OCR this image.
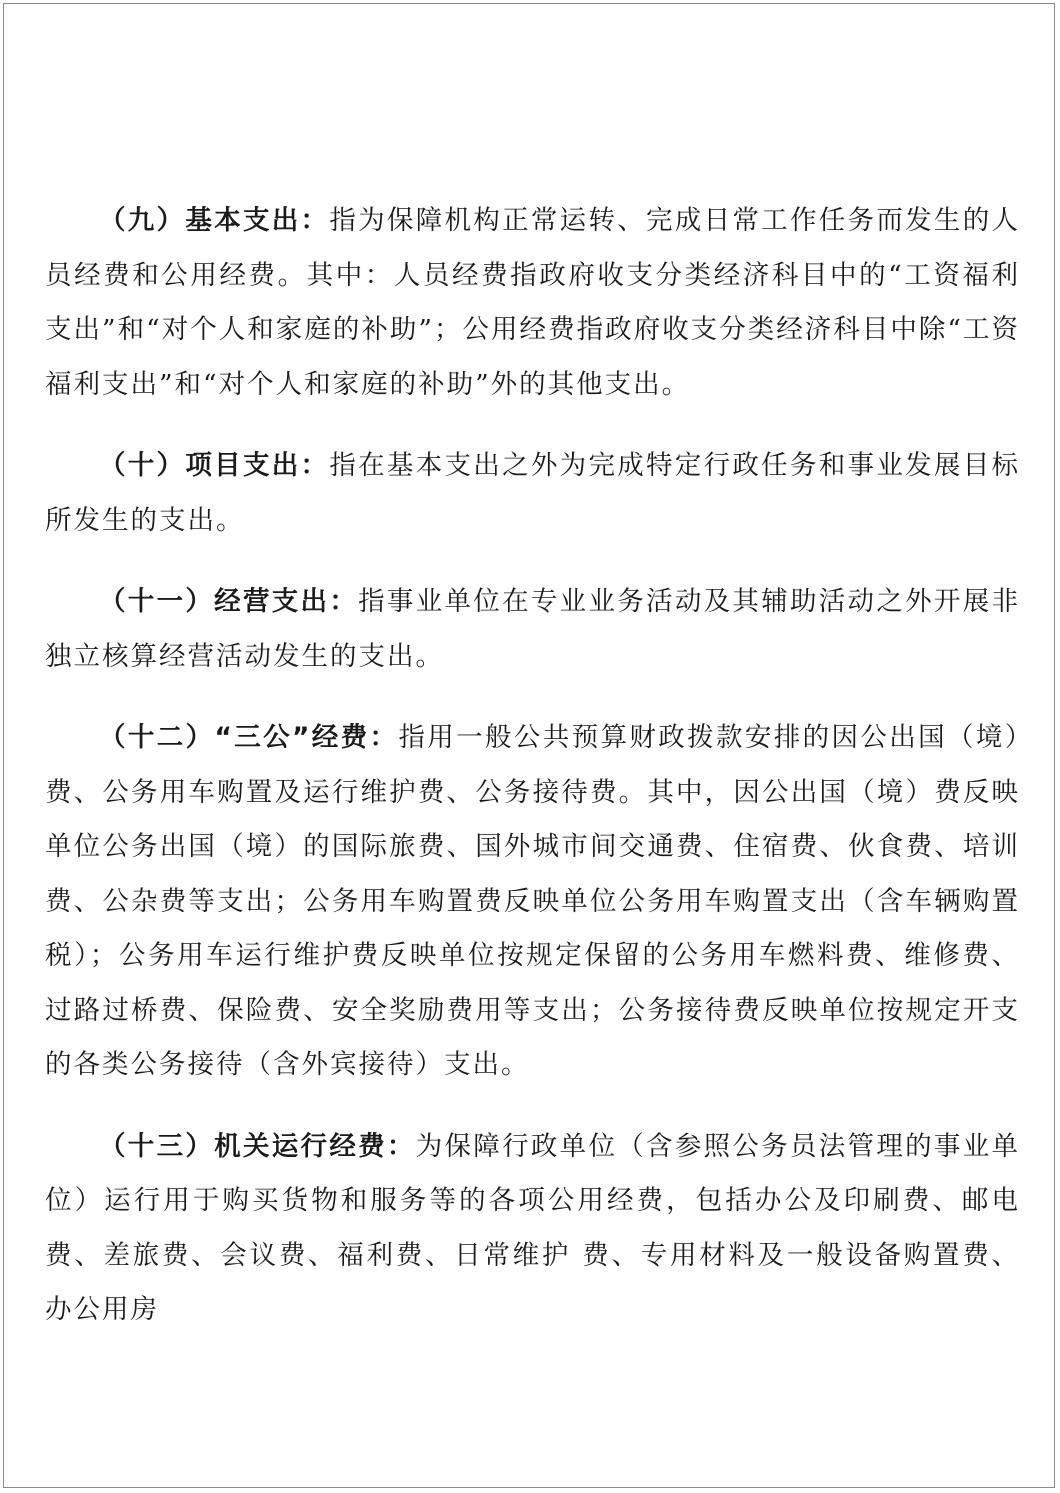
（九）基本支出：指为保障机构正常运转、完成日常工作任务而发生的人员经费和公用经费。其中：人员经费指政府收支分类经济科目中的“工资福利支出”和“对个人和家庭的补助”；公用经费指政府收支分类经济科目中除“工资福利支出”和“对个人和家庭的补助”外的其他支出。

（十）项目支出：指在基本支出之外为完成特定行政任务和事业发展目标所发生的支出。

（十一）经营支出：指事业单位在专业业务活动及其辅助活动之外开展非独立核算经营活动发生的支出。

（十二）“三公”经费：指用一般公共预算财政拨款安排的因公出国（境）费、公务用车购置及运行维护费、公务接待费。其中，因公出国（境）费反映单位公务出国（境）的国际旅费、国外城市间交通费、住宿费、伙食费、培训费、公杂费等支出；公务用车购置费反映单位公务用车购置支出（含车辆购置税）；公务用车运行维护费反映单位按规定保留的公务用车燃料费、维修费、过路过桥费、保险费、安全奖励费用等支出；公务接待费反映单位按规定开支的各类公务接待（含外宾接待）支出。

（十三）机关运行经费：为保障行政单位（含参照公务员法管理的事业单位）运行用于购买货物和服务等的各项公用经费，包括办公及印刷费、邮电费、差旅费、会议费、福利费、日常维护 费、专用材料及一般设备购置费、办公用房
